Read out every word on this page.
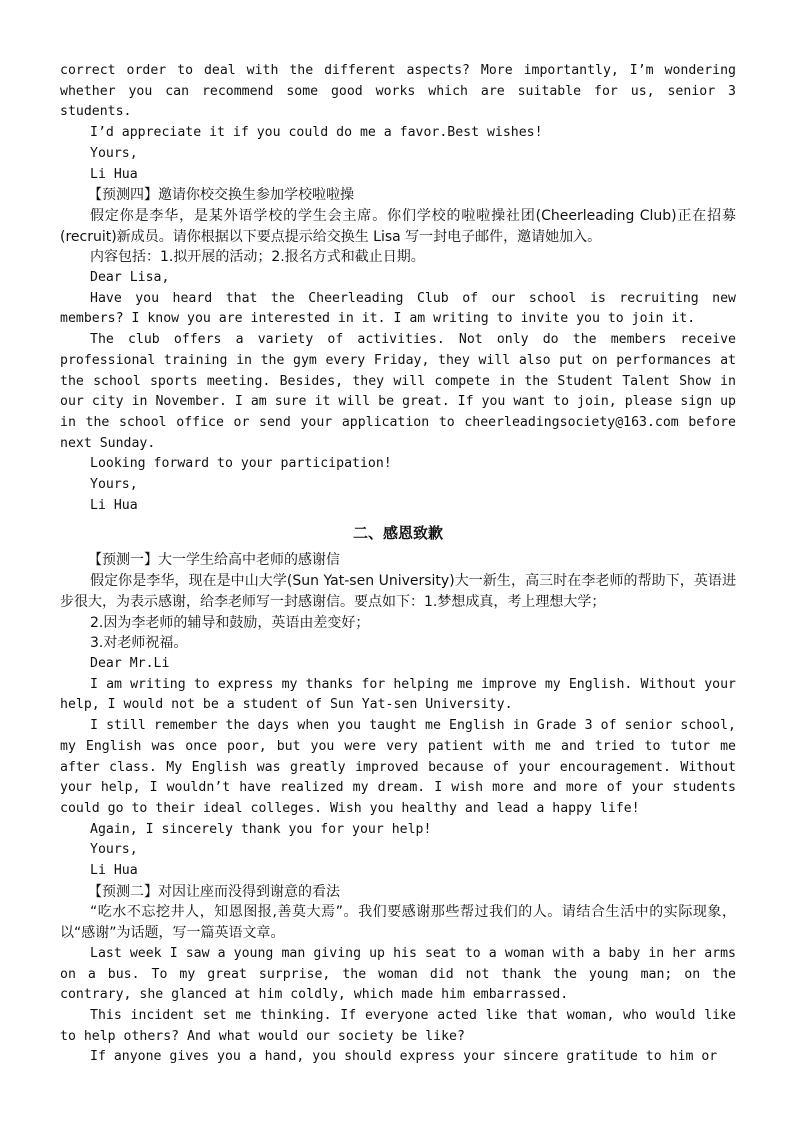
correct order to deal with the different aspects? More importantly, I’m wondering whether you can recommend some good works which are suitable for us, senior 3 students.

I’d appreciate it if you could do me a favor.Best wishes!

Yours,

Li Hua

【预测四】邀请你校交换生参加学校啦啦操

假定你是李华，是某外语学校的学生会主席。你们学校的啦啦操社团(Cheerleading Club)正在招募(recruit)新成员。请你根据以下要点提示给交换生 Lisa 写一封电子邮件，邀请她加入。

内容包括：1.拟开展的活动；2.报名方式和截止日期。

Dear Lisa,

Have you heard that the Cheerleading Club of our school is recruiting new members? I know you are interested in it. I am writing to invite you to join it.

The club offers a variety of activities. Not only do the members receive professional training in the gym every Friday, they will also put on performances at the school sports meeting. Besides, they will compete in the Student Talent Show in our city in November. I am sure it will be great. If you want to join, please sign up in the school office or send your application to cheerleadingsociety@163.com before next Sunday.

Looking forward to your participation!

Yours,

Li Hua

二、感恩致歉

【预测一】大一学生给高中老师的感谢信

假定你是李华，现在是中山大学(Sun Yat-sen University)大一新生，高三时在李老师的帮助下，英语进步很大，为表示感谢，给李老师写一封感谢信。要点如下：1.梦想成真，考上理想大学；

2.因为李老师的辅导和鼓励，英语由差变好；

3.对老师祝福。

Dear Mr.Li

I am writing to express my thanks for helping me improve my English. Without your help, I would not be a student of Sun Yat-sen University.

I still remember the days when you taught me English in Grade 3 of senior school, my English was once poor, but you were very patient with me and tried to tutor me after class. My English was greatly improved because of your encouragement. Without your help, I wouldn’t have realized my dream. I wish more and more of your students could go to their ideal colleges. Wish you healthy and lead a happy life!

Again, I sincerely thank you for your help!

Yours,

Li Hua

【预测二】对因让座而没得到谢意的看法

“吃水不忘挖井人，知恩图报,善莫大焉”。我们要感谢那些帮过我们的人。请结合生活中的实际现象，以“感谢”为话题，写一篇英语文章。

Last week I saw a young man giving up his seat to a woman with a baby in her arms on a bus. To my great surprise, the woman did not thank the young man; on the contrary, she glanced at him coldly, which made him embarrassed.

This incident set me thinking. If everyone acted like that woman, who would like to help others? And what would our society be like?

If anyone gives you a hand, you should express your sincere gratitude to him or
